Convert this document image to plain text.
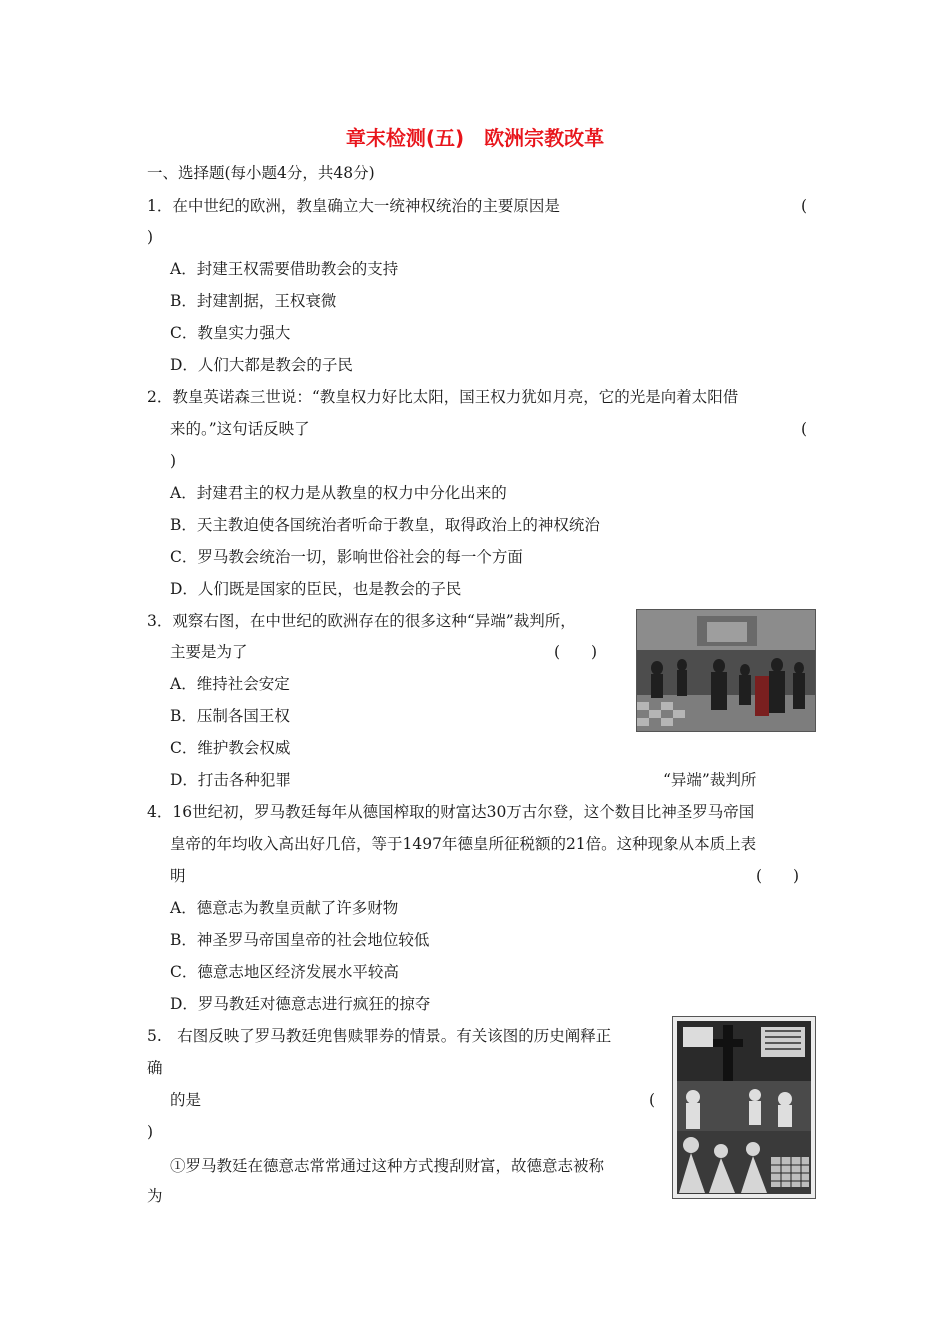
章末检测(五)　欧洲宗教改革
一、选择题(每小题4分，共48分)
1．在中世纪的欧洲，教皇确立大一统神权统治的主要原因是	(
)
A．封建王权需要借助教会的支持
B．封建割据，王权衰微
C．教皇实力强大
D．人们大都是教会的子民
2．教皇英诺森三世说：“教皇权力好比太阳，国王权力犹如月亮，它的光是向着太阳借
来的。”这句话反映了	(
)
A．封建君主的权力是从教皇的权力中分化出来的
B．天主教迫使各国统治者听命于教皇，取得政治上的神权统治
C．罗马教会统治一切，影响世俗社会的每一个方面
D．人们既是国家的臣民，也是教会的子民
3．观察右图，在中世纪的欧洲存在的很多这种“异端”裁判所，
主要是为了	(　　)
A．维持社会安定
B．压制各国王权
C．维护教会权威
D．打击各种犯罪	“异端”裁判所
4．16世纪初，罗马教廷每年从德国榨取的财富达30万古尔登，这个数目比神圣罗马帝国
皇帝的年均收入高出好几倍，等于1497年德皇所征税额的21倍。这种现象从本质上表
明	(　　)
A．德意志为教皇贡献了许多财物
B．神圣罗马帝国皇帝的社会地位较低
C．德意志地区经济发展水平较高
D．罗马教廷对德意志进行疯狂的掠夺
5.　右图反映了罗马教廷兜售赎罪券的情景。有关该图的历史阐释正
确
的是	(
)
①罗马教廷在德意志常常通过这种方式搜刮财富，故德意志被称
为
